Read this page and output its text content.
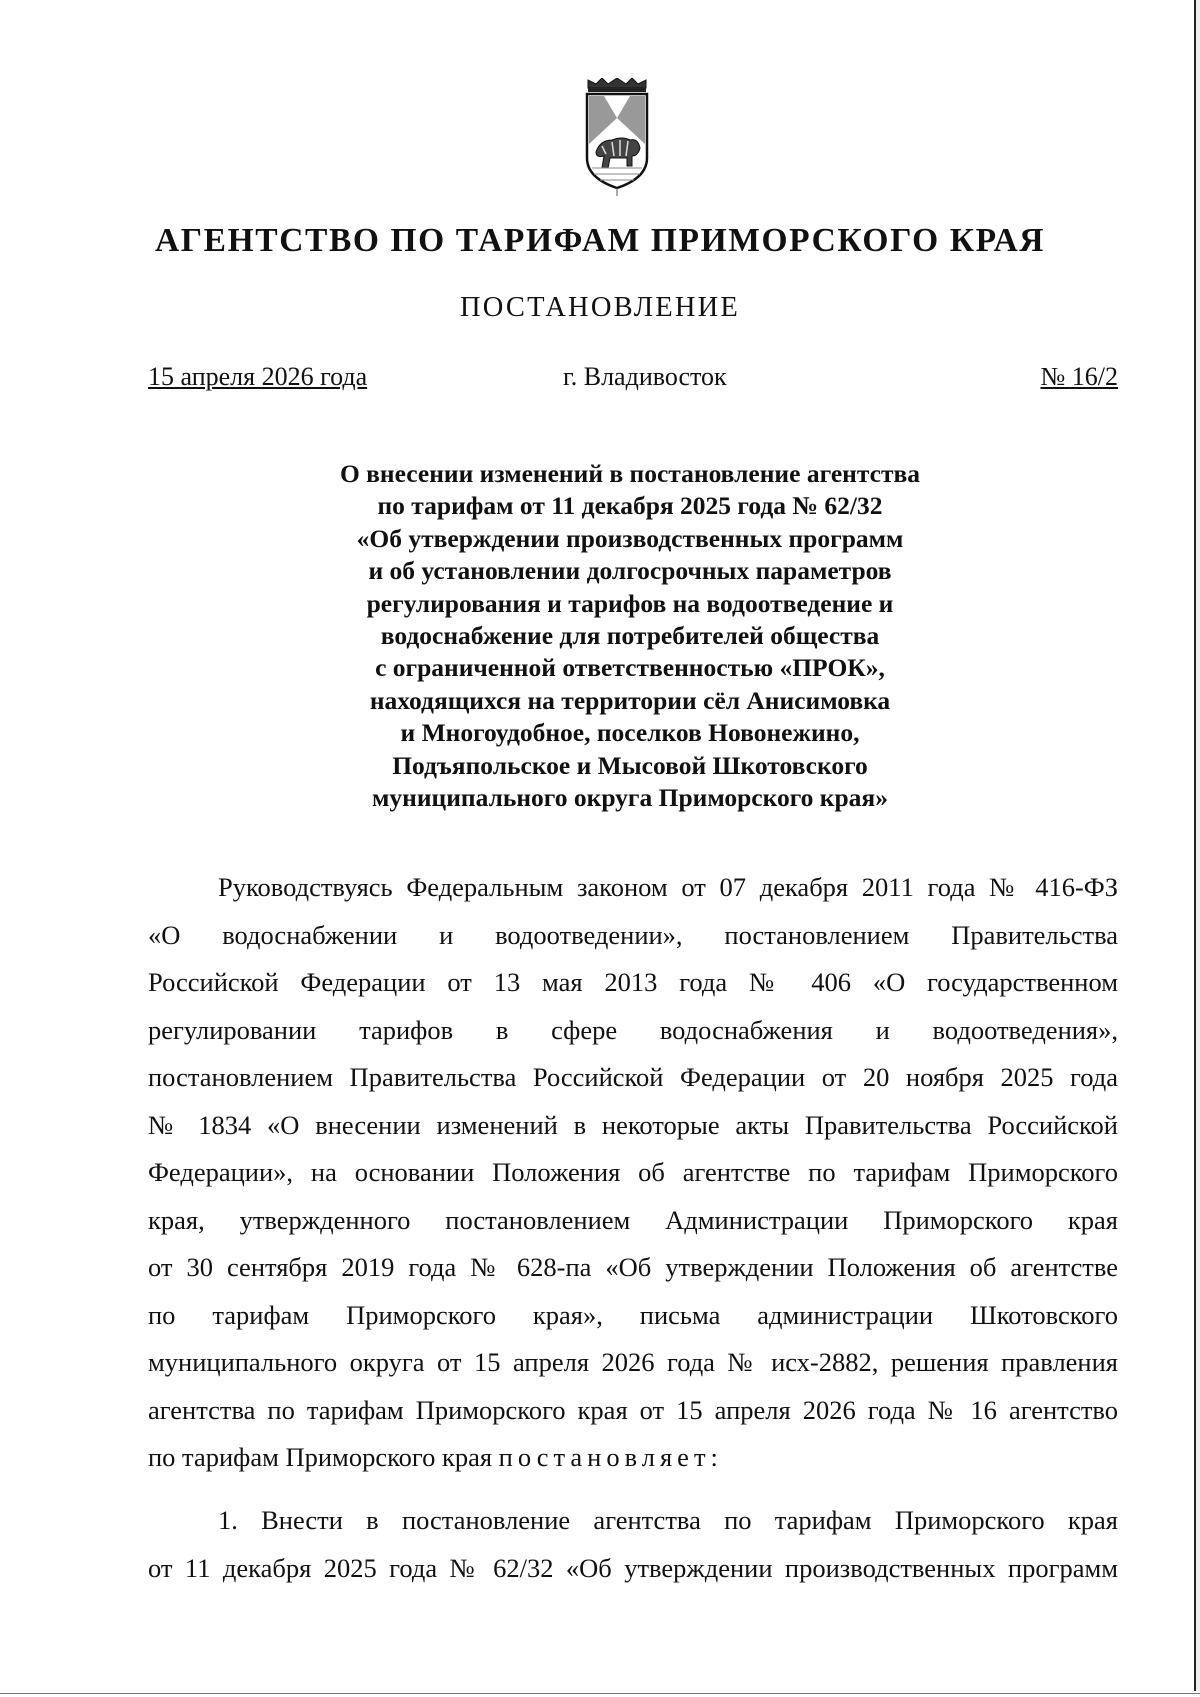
АГЕНТСТВО ПО ТАРИФАМ ПРИМОРСКОГО КРАЯ
ПОСТАНОВЛЕНИЕ
15 апреля 2026 года	г. Владивосток	№ 16/2
О внесении изменений в постановление агентства
по тарифам от 11 декабря 2025 года № 62/32
«Об утверждении производственных программ
и об установлении долгосрочных параметров
регулирования и тарифов на водоотведение и
водоснабжение для потребителей общества
с ограниченной ответственностью «ПРОК»,
находящихся на территории сёл Анисимовка
и Многоудобное, поселков Новонежино,
Подъяпольское и Мысовой Шкотовского
муниципального округа Приморского края»
Руководствуясь Федеральным законом от 07 декабря 2011 года № 416-ФЗ
«О водоснабжении и водоотведении», постановлением Правительства
Российской Федерации от 13 мая 2013 года № 406 «О государственном
регулировании тарифов в сфере водоснабжения и водоотведения»,
постановлением Правительства Российской Федерации от 20 ноября 2025 года
№ 1834 «О внесении изменений в некоторые акты Правительства Российской
Федерации», на основании Положения об агентстве по тарифам Приморского
края, утвержденного постановлением Администрации Приморского края
от 30 сентября 2019 года № 628-па «Об утверждении Положения об агентстве
по тарифам Приморского края», письма администрации Шкотовского
муниципального округа от 15 апреля 2026 года № исх-2882, решения правления
агентства по тарифам Приморского края от 15 апреля 2026 года № 16 агентство
по тарифам Приморского края постановляет:
1. Внести в постановление агентства по тарифам Приморского края
от 11 декабря 2025 года № 62/32 «Об утверждении производственных программ
